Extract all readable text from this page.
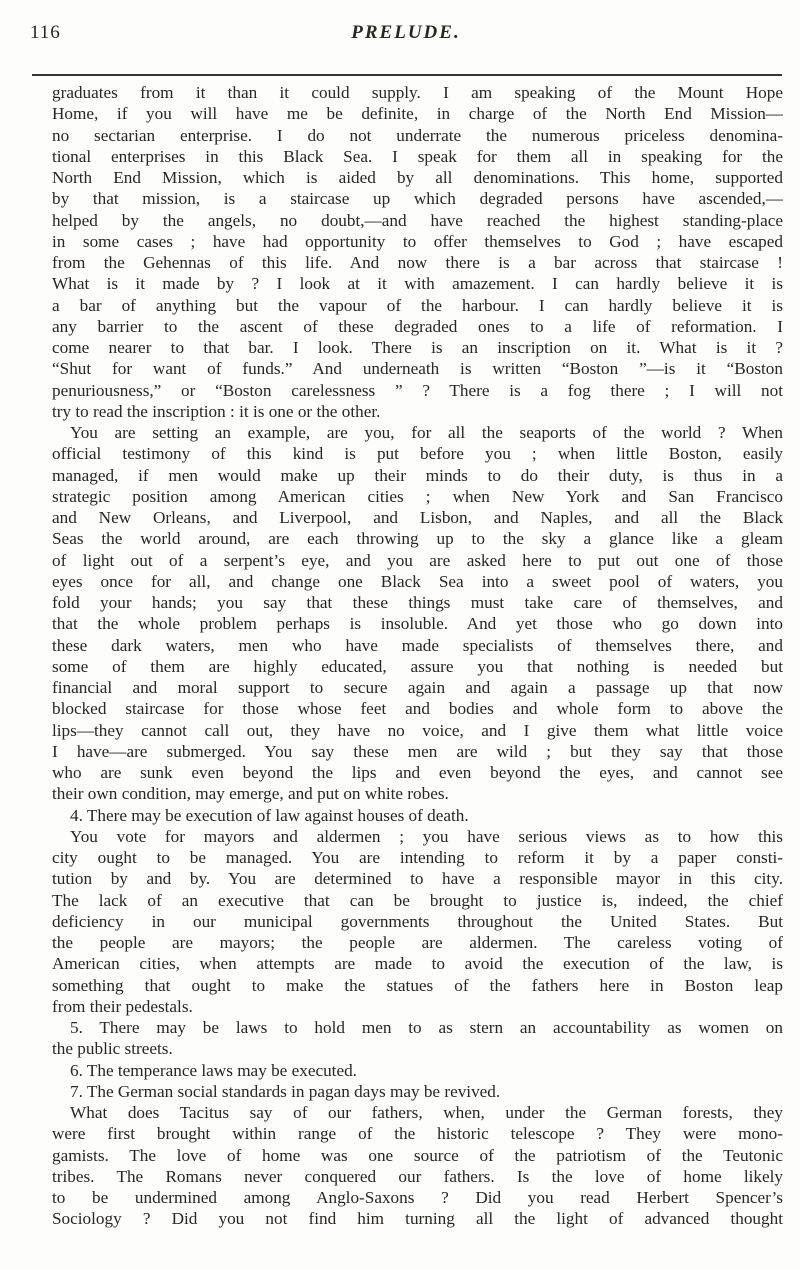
116	PRELUDE.
graduates from it than it could supply. I am speaking of the Mount Hope
Home, if you will have me be definite, in charge of the North End Mission—
no sectarian enterprise. I do not underrate the numerous priceless denomina-
tional enterprises in this Black Sea. I speak for them all in speaking for the
North End Mission, which is aided by all denominations. This home, supported
by that mission, is a staircase up which degraded persons have ascended,—
helped by the angels, no doubt,—and have reached the highest standing-place
in some cases ; have had opportunity to offer themselves to God ; have escaped
from the Gehennas of this life. And now there is a bar across that staircase !
What is it made by ? I look at it with amazement. I can hardly believe it is
a bar of anything but the vapour of the harbour. I can hardly believe it is
any barrier to the ascent of these degraded ones to a life of reformation. I
come nearer to that bar. I look. There is an inscription on it. What is it ?
“Shut for want of funds.” And underneath is written “Boston ”—is it “Boston
penuriousness,” or “Boston carelessness ” ? There is a fog there ; I will not
try to read the inscription : it is one or the other.
You are setting an example, are you, for all the seaports of the world ? When
official testimony of this kind is put before you ; when little Boston, easily
managed, if men would make up their minds to do their duty, is thus in a
strategic position among American cities ; when New York and San Francisco
and New Orleans, and Liverpool, and Lisbon, and Naples, and all the Black
Seas the world around, are each throwing up to the sky a glance like a gleam
of light out of a serpent’s eye, and you are asked here to put out one of those
eyes once for all, and change one Black Sea into a sweet pool of waters, you
fold your hands; you say that these things must take care of themselves, and
that the whole problem perhaps is insoluble. And yet those who go down into
these dark waters, men who have made specialists of themselves there, and
some of them are highly educated, assure you that nothing is needed but
financial and moral support to secure again and again a passage up that now
blocked staircase for those whose feet and bodies and whole form to above the
lips—they cannot call out, they have no voice, and I give them what little voice
I have—are submerged. You say these men are wild ; but they say that those
who are sunk even beyond the lips and even beyond the eyes, and cannot see
their own condition, may emerge, and put on white robes.
4. There may be execution of law against houses of death.
You vote for mayors and aldermen ; you have serious views as to how this
city ought to be managed. You are intending to reform it by a paper consti-
tution by and by. You are determined to have a responsible mayor in this city.
The lack of an executive that can be brought to justice is, indeed, the chief
deficiency in our municipal governments throughout the United States. But
the people are mayors; the people are aldermen. The careless voting of
American cities, when attempts are made to avoid the execution of the law, is
something that ought to make the statues of the fathers here in Boston leap
from their pedestals.
5. There may be laws to hold men to as stern an accountability as women on
the public streets.
6. The temperance laws may be executed.
7. The German social standards in pagan days may be revived.
What does Tacitus say of our fathers, when, under the German forests, they
were first brought within range of the historic telescope ? They were mono-
gamists. The love of home was one source of the patriotism of the Teutonic
tribes. The Romans never conquered our fathers. Is the love of home likely
to be undermined among Anglo-Saxons ? Did you read Herbert Spencer’s
Sociology ? Did you not find him turning all the light of advanced thought
